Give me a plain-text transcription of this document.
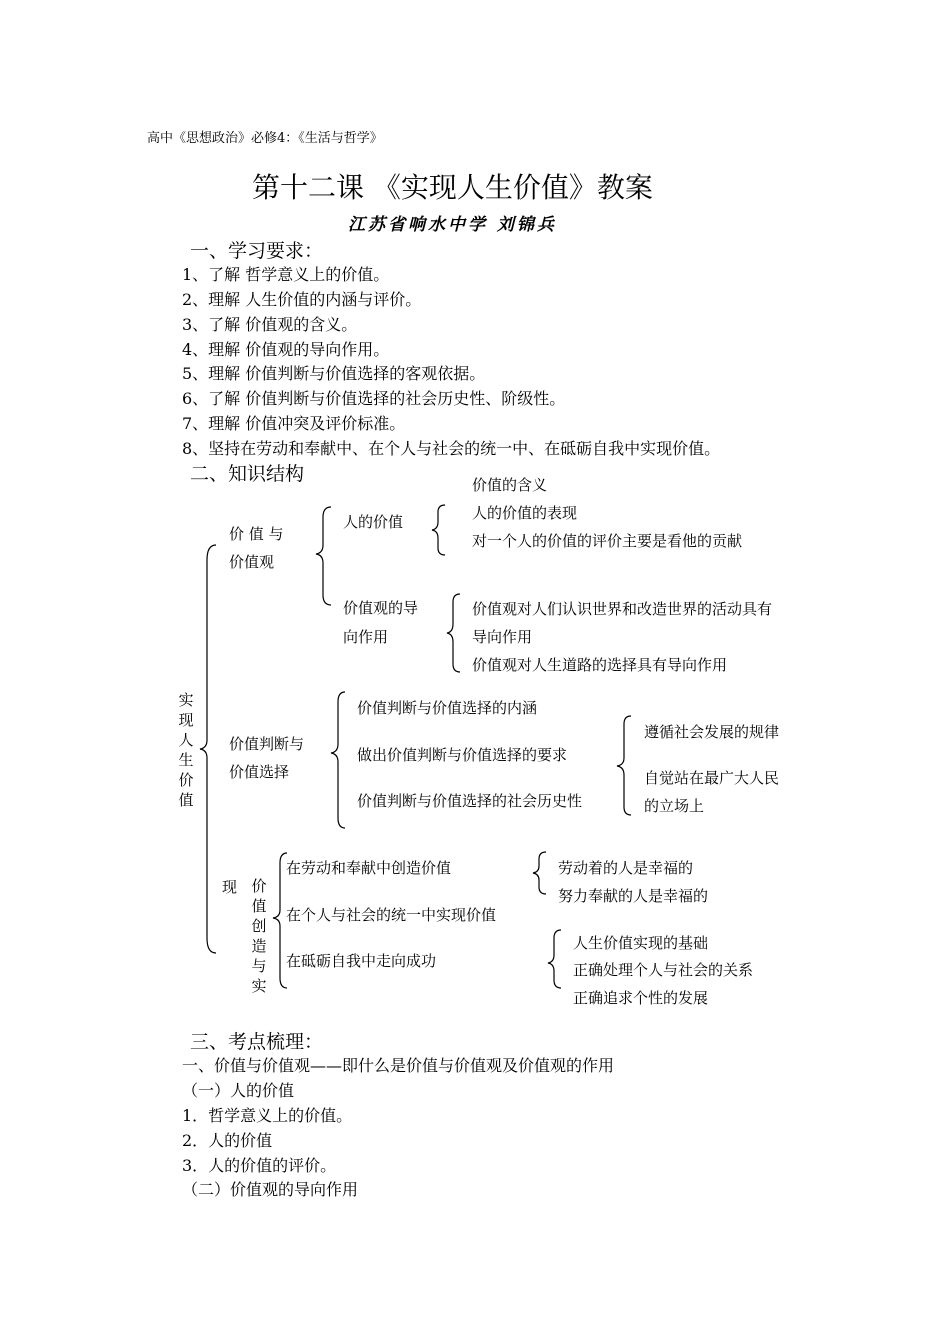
高中《思想政治》必修4：《生活与哲学》
第十二课 《实现人生价值》教案
江苏省响水中学 刘锦兵
一、学习要求：
1、了解 哲学意义上的价值。
2、理解 人生价值的内涵与评价。
3、了解 价值观的含义。
4、理解 价值观的导向作用。
5、理解 价值判断与价值选择的客观依据。
6、了解 价值判断与价值选择的社会历史性、阶级性。
7、理解 价值冲突及评价标准。
8、坚持在劳动和奉献中、在个人与社会的统一中、在砥砺自我中实现价值。
二、知识结构
实现人生价值
价 值 与
价值观
人的价值
价值的含义
人的价值的表现
对一个人的价值的评价主要是看他的贡献
价值观的导
向作用
价值观对人们认识世界和改造世界的活动具有
导向作用
价值观对人生道路的选择具有导向作用
价值判断与
价值选择
价值判断与价值选择的内涵
做出价值判断与价值选择的要求
价值判断与价值选择的社会历史性
遵循社会发展的规律
自觉站在最广大人民
的立场上
现 价值创造与实
在劳动和奉献中创造价值
在个人与社会的统一中实现价值
在砥砺自我中走向成功
劳动着的人是幸福的
努力奉献的人是幸福的
人生价值实现的基础
正确处理个人与社会的关系
正确追求个性的发展
三、考点梳理：
一、价值与价值观——即什么是价值与价值观及价值观的作用
（一）人的价值
1．哲学意义上的价值。
2．人的价值
3．人的价值的评价。
（二）价值观的导向作用
